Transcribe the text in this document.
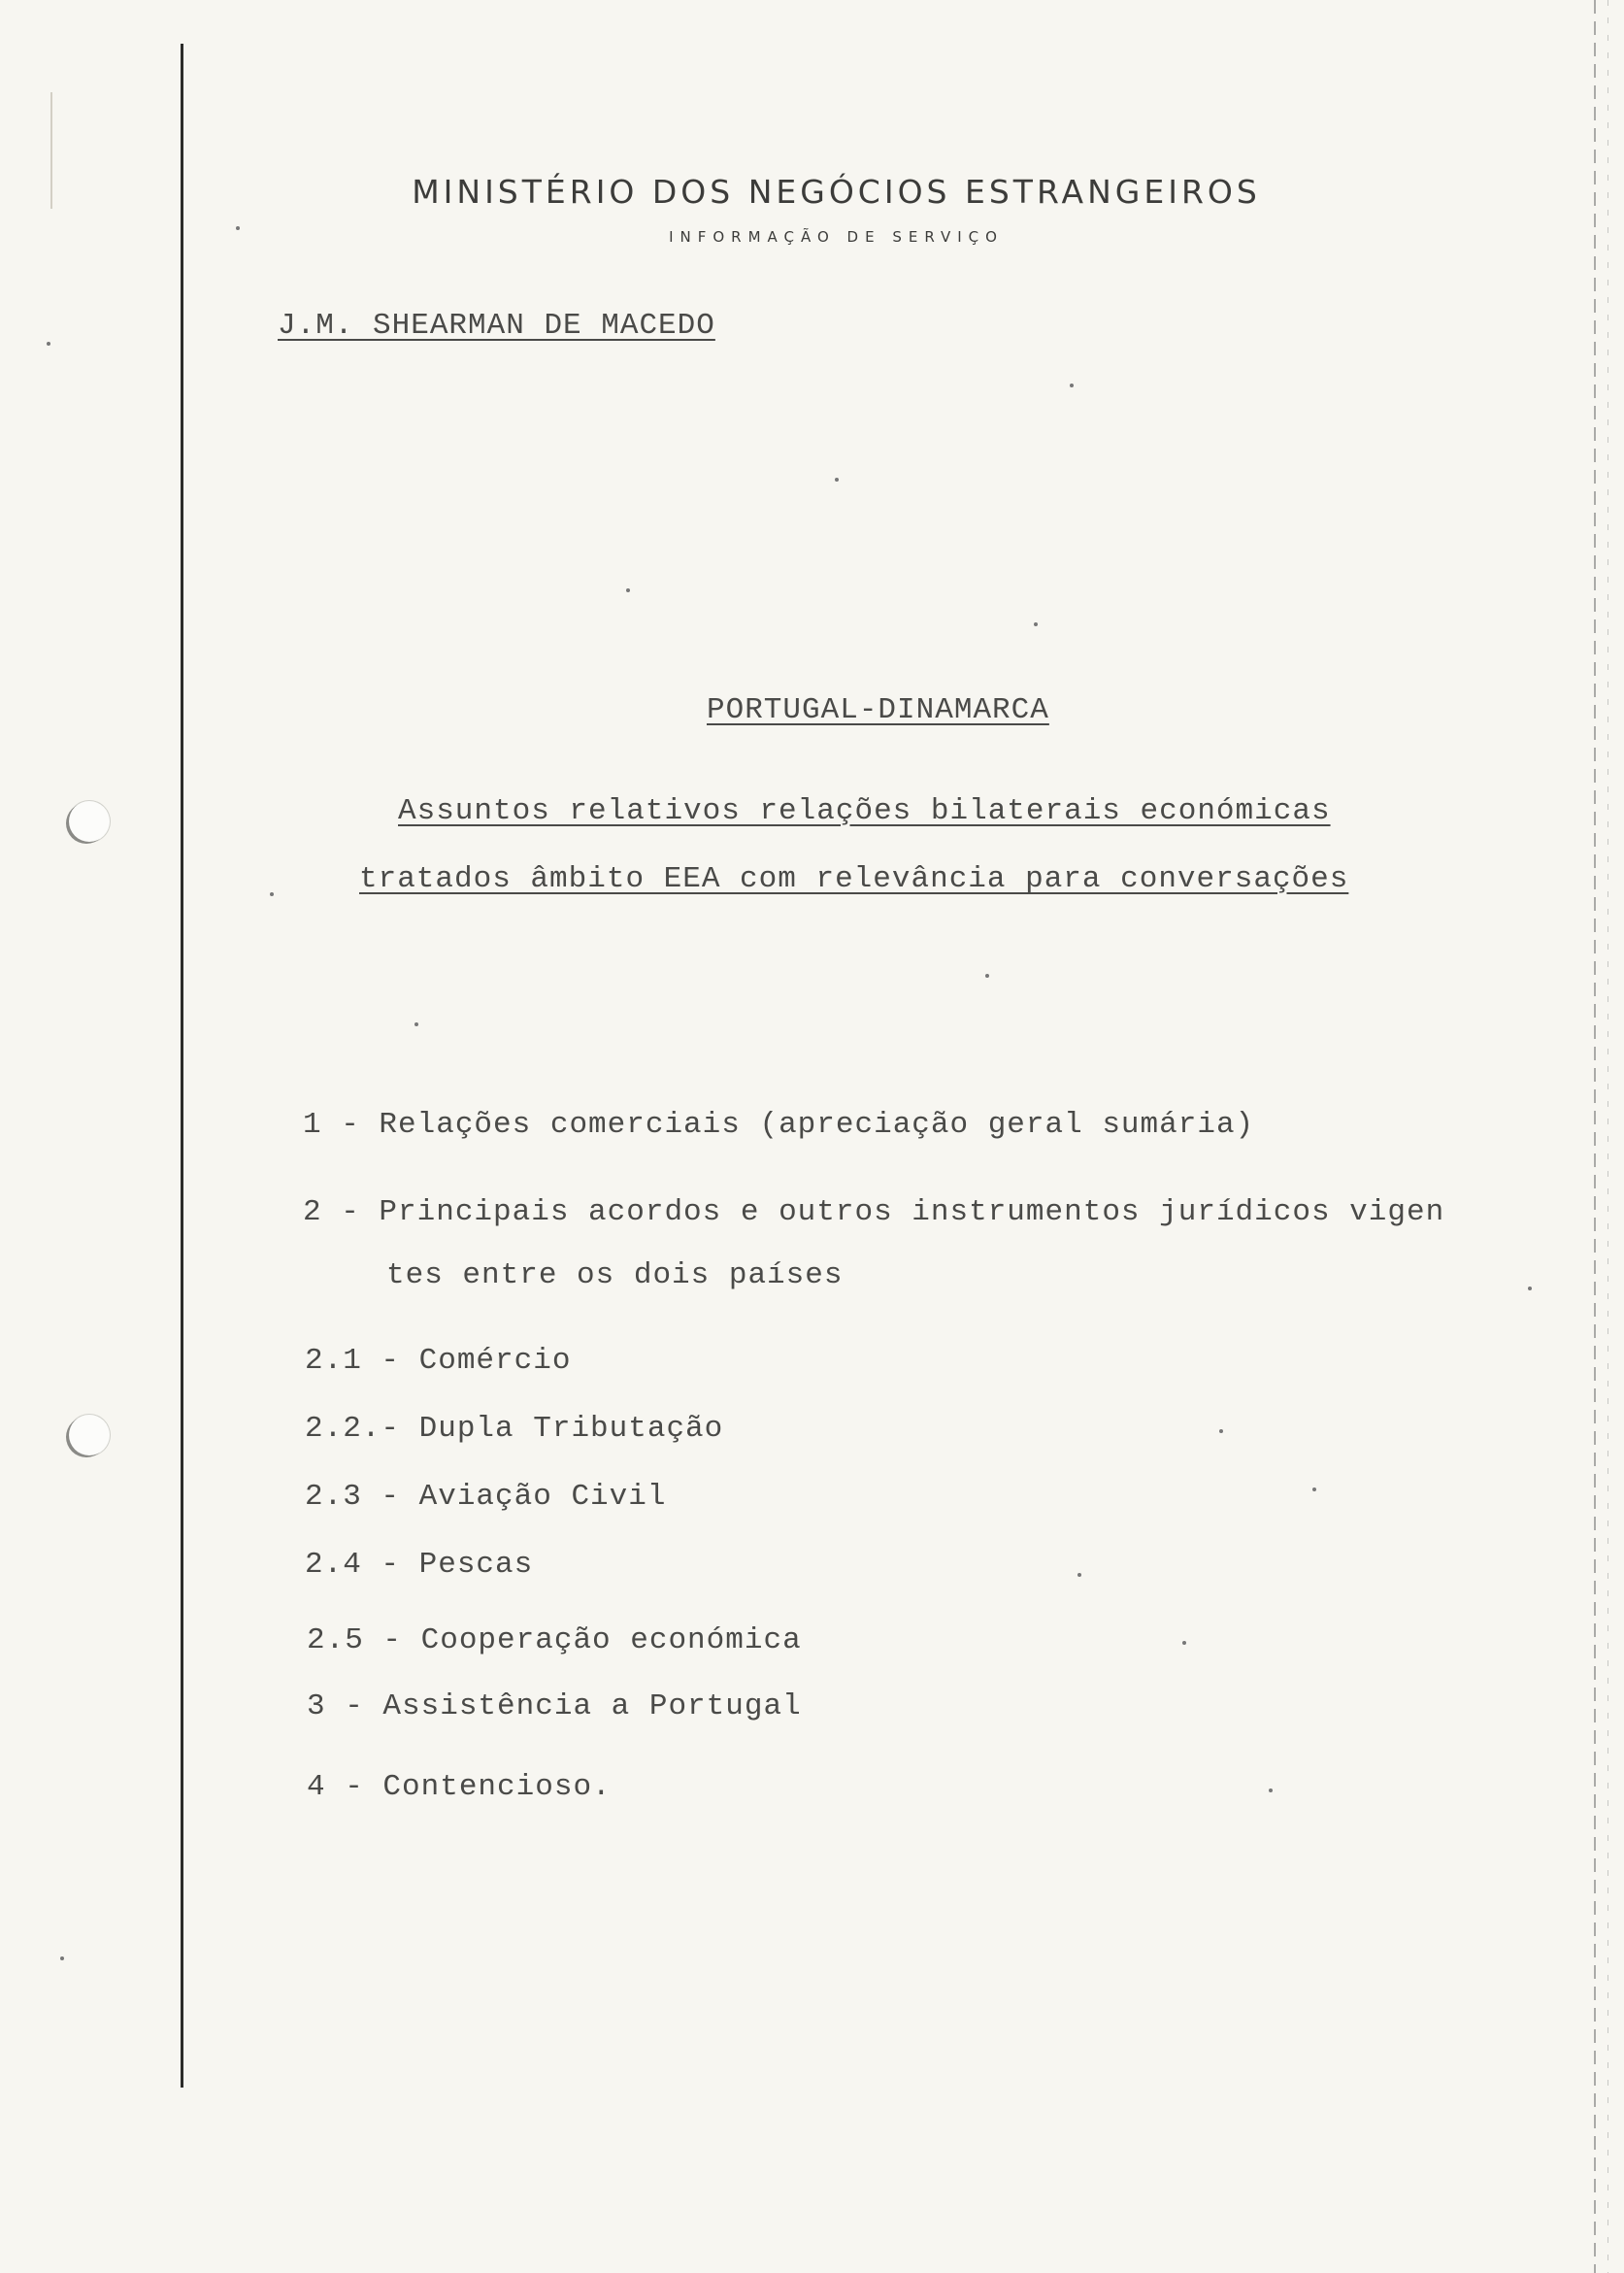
MINISTÉRIO DOS NEGÓCIOS ESTRANGEIROS
INFORMAÇÃO DE SERVIÇO
J.M. SHEARMAN DE MACEDO
PORTUGAL-DINAMARCA
Assuntos relativos relações bilaterais económicas
tratados âmbito EEA com relevância para conversações
1 - Relações comerciais (apreciação geral sumária)
2 - Principais acordos e outros instrumentos jurídicos vigen
tes entre os dois países
2.1 - Comércio
2.2.- Dupla Tributação
2.3 - Aviação Civil
2.4 - Pescas
2.5 - Cooperação económica
3 - Assistência a Portugal
4 - Contencioso.
